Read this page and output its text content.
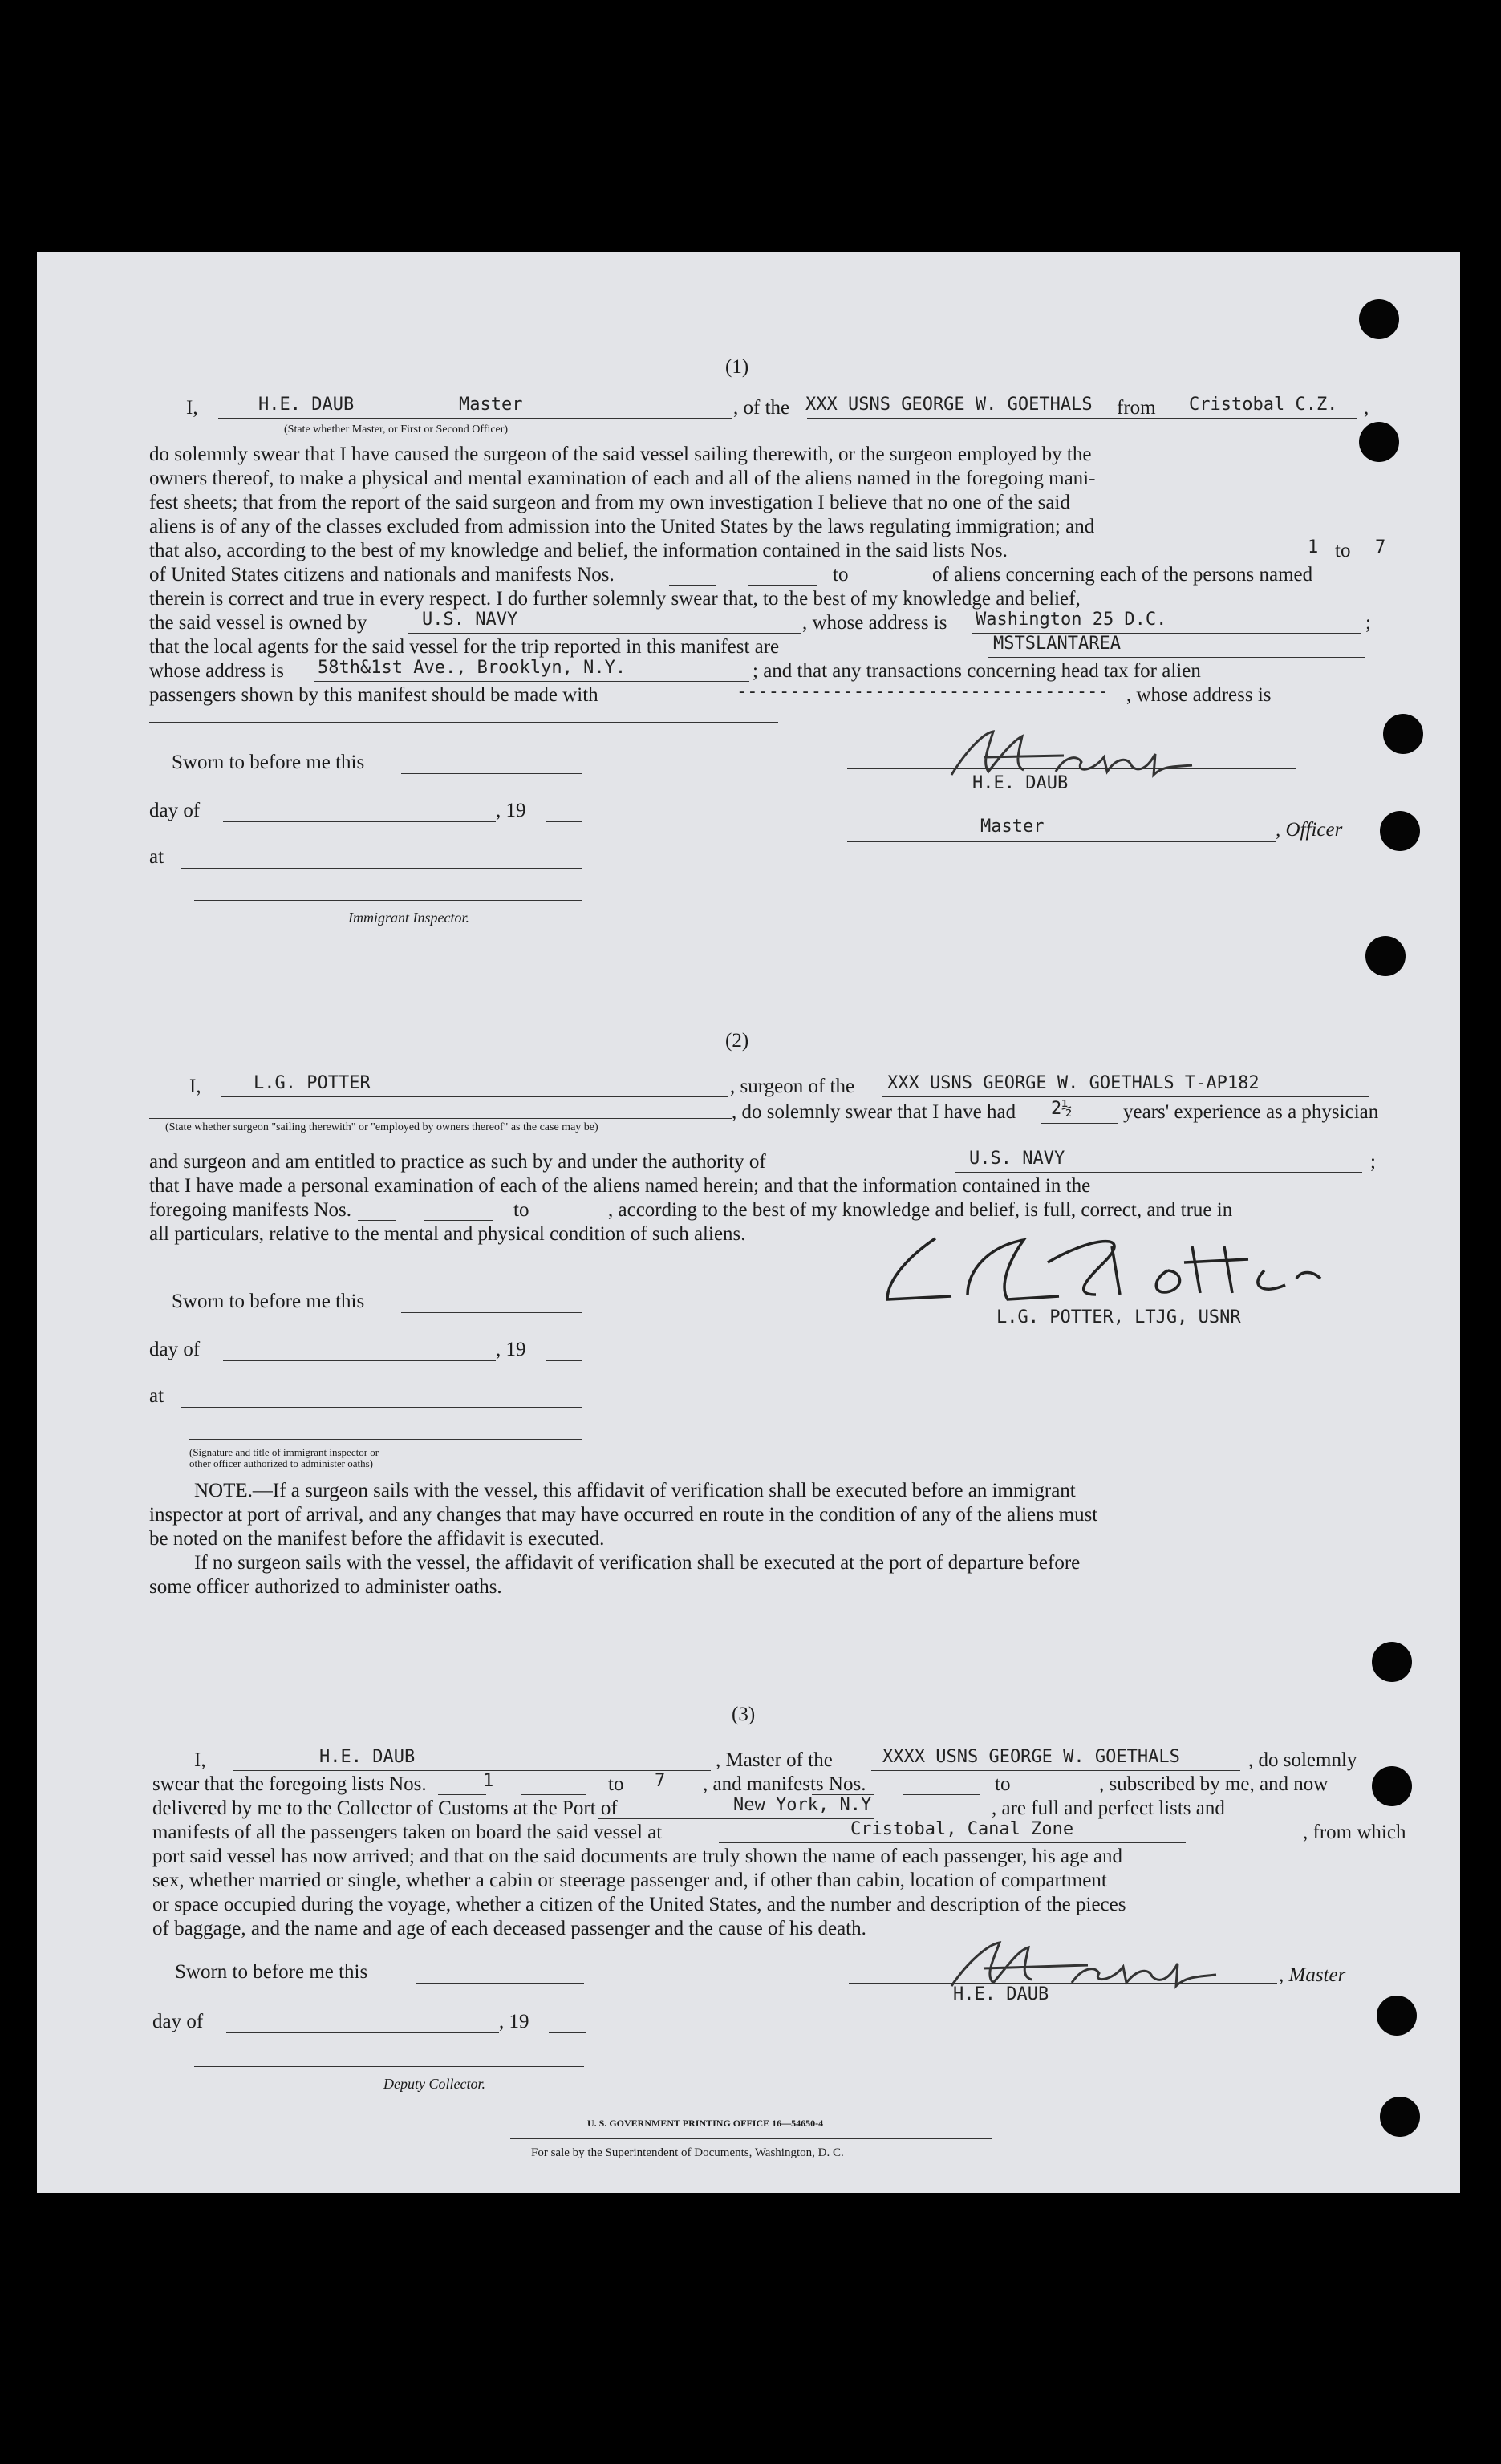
(1)
I,	H.E. DAUB	Master	, of the XXX USNS GEORGE W. GOETHALS from Cristobal C.Z. ,
(State whether Master, or First or Second Officer)
do solemnly swear that I have caused the surgeon of the said vessel sailing therewith, or the surgeon employed by the
owners thereof, to make a physical and mental examination of each and all of the aliens named in the foregoing mani-
fest sheets; that from the report of the said surgeon and from my own investigation I believe that no one of the said
aliens is of any of the classes excluded from admission into the United States by the laws regulating immigration; and
that also, according to the best of my knowledge and belief, the information contained in the said lists Nos.	1 to 7
of United States citizens and nationals and manifests Nos.	to	of aliens concerning each of the persons named
therein is correct and true in every respect. I do further solemnly swear that, to the best of my knowledge and belief,
the said vessel is owned by	U.S. NAVY	, whose address is Washington 25 D.C.	;
that the local agents for the said vessel for the trip reported in this manifest are	MSTSLANTAREA
whose address is 58th&1st Ave., Brooklyn, N.Y.	; and that any transactions concerning head tax for alien
passengers shown by this manifest should be made with	----------------------------------- , whose address is
Sworn to before me this
day of	, 19
at
Immigrant Inspector.
H.E. DAUB
Master	, Officer
(2)
I,	L.G. POTTER	, surgeon of the XXX USNS GEORGE W. GOETHALS T-AP182
(State whether surgeon "sailing therewith" or "employed by owners thereof" as the case may be)
, do solemnly swear that I have had 2½	years' experience as a physician
and surgeon and am entitled to practice as such by and under the authority of	U.S. NAVY	;
that I have made a personal examination of each of the aliens named herein; and that the information contained in the
foregoing manifests Nos.	to	, according to the best of my knowledge and belief, is full, correct, and true in
all particulars, relative to the mental and physical condition of such aliens.
L.G. POTTER, LTJG, USNR
Sworn to before me this
day of	, 19
at
(Signature and title of immigrant inspector or other officer authorized to administer oaths)
NOTE.—If a surgeon sails with the vessel, this affidavit of verification shall be executed before an immigrant
inspector at port of arrival, and any changes that may have occurred en route in the condition of any of the aliens must
be noted on the manifest before the affidavit is executed.
If no surgeon sails with the vessel, the affidavit of verification shall be executed at the port of departure before
some officer authorized to administer oaths.
(3)
I,	H.E. DAUB	, Master of the	XXXX USNS GEORGE W. GOETHALS	, do solemnly
swear that the foregoing lists Nos.	1	to 7 , and manifests Nos.	to	, subscribed by me, and now
delivered by me to the Collector of Customs at the Port of	New York, N.Y	, are full and perfect lists and
manifests of all the passengers taken on board the said vessel at	Cristobal, Canal Zone	, from which
port said vessel has now arrived; and that on the said documents are truly shown the name of each passenger, his age and
sex, whether married or single, whether a cabin or steerage passenger and, if other than cabin, location of compartment
or space occupied during the voyage, whether a citizen of the United States, and the number and description of the pieces
of baggage, and the name and age of each deceased passenger and the cause of his death.
Sworn to before me this	, Master
H.E. DAUB
day of	, 19
Deputy Collector.
U. S. GOVERNMENT PRINTING OFFICE 16—54650-4
For sale by the Superintendent of Documents, Washington, D. C.
